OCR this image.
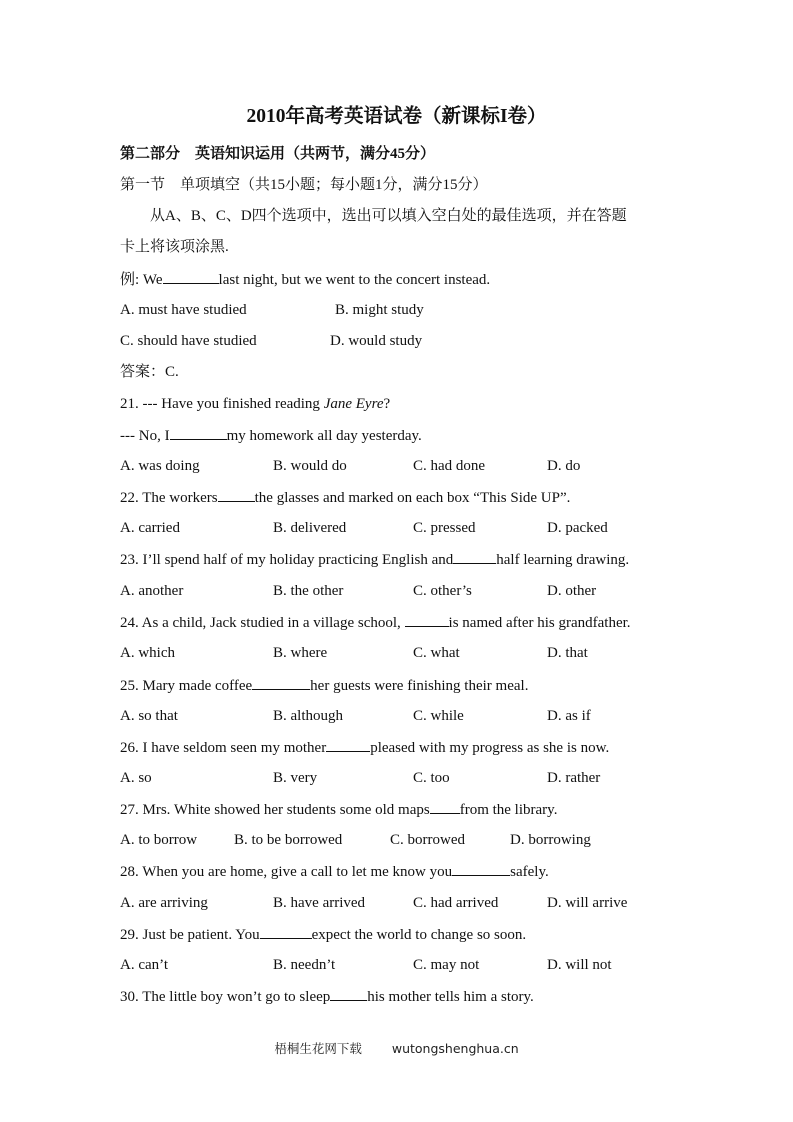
2010年高考英语试卷（新课标I卷）
第二部分　英语知识运用（共两节，满分45分）
第一节　单项填空（共15小题；每小题1分，满分15分）
从A、B、C、D四个选项中，选出可以填入空白处的最佳选项，并在答题
卡上将该项涂黑.
例: We	last night, but we went to the concert instead.
A. must have studied	B. might study
C. should have studied	D. would study
答案：C.
21. --- Have you finished reading Jane Eyre?
--- No, I	my homework all day yesterday.
A. was doing	B. would do	C. had done	D. do
22. The workers the glasses and marked on each box “This Side UP”.
A. carried	B. delivered	C. pressed	D. packed
23. I’ll spend half of my holiday practicing English and	half learning drawing.
A. another	B. the other	C. other’s	D. other
24. As a child, Jack studied in a village school,	is named after his grandfather.
A. which	B. where	C. what	D. that
25. Mary made coffee	her guests were finishing their meal.
A. so that	B. although	C. while	D. as if
26. I have seldom seen my mother	pleased with my progress as she is now.
A. so	B. very	C. too	D. rather
27. Mrs. White showed her students some old maps from the library.
A. to borrow B. to be borrowed	C. borrowed	D. borrowing
28. When you are home, give a call to let me know you	safely.
A. are arriving	B. have arrived	C. had arrived	D. will arrive
29. Just be patient. You	expect the world to change so soon.
A. can’t	B. needn’t	C. may not	D. will not
30. The little boy won’t go to sleep his mother tells him a story.
梧桐生花网下载 wutongshenghua.cn
